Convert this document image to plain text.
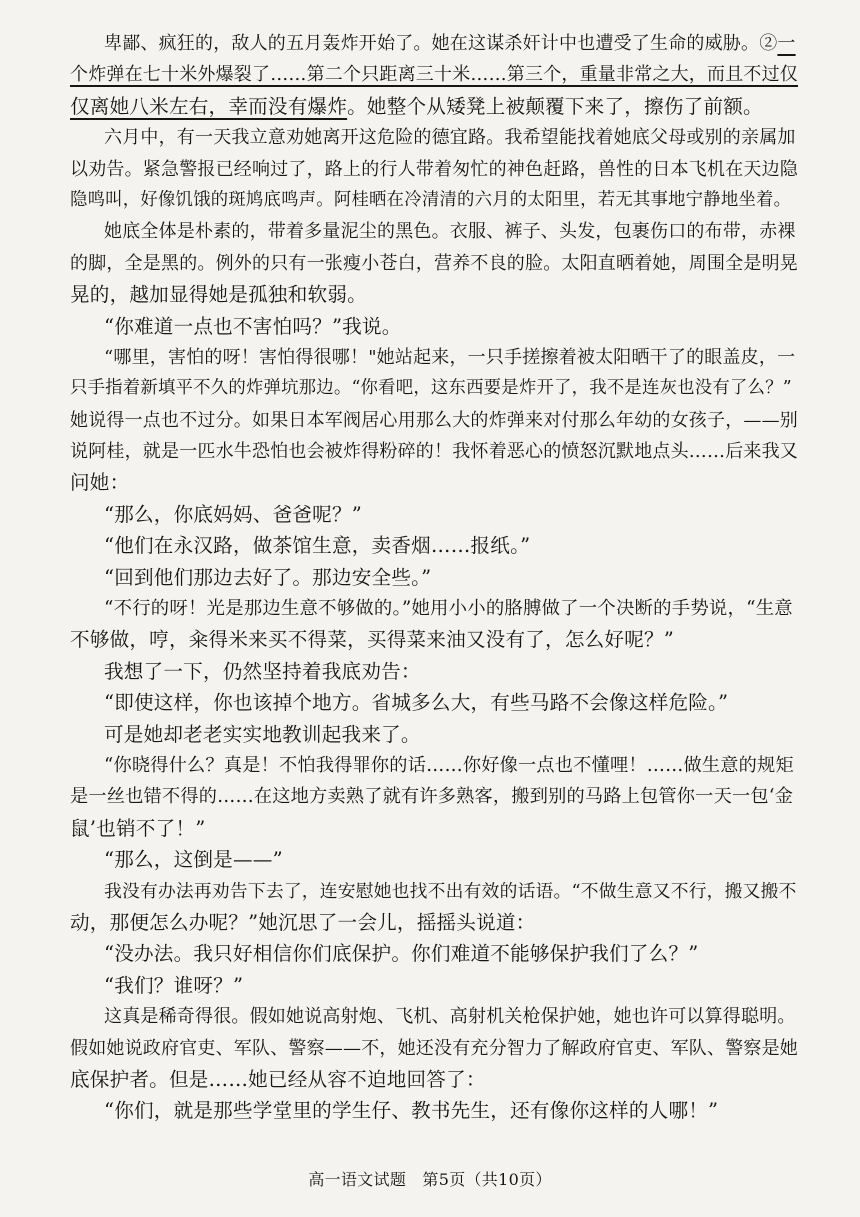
卑鄙、疯狂的，敌人的五月轰炸开始了。她在这谋杀奸计中也遭受了生命的威胁。②一
个炸弹在七十米外爆裂了……第二个只距离三十米……第三个，重量非常之大，而且不过仅
仅离她八米左右，幸而没有爆炸。她整个从矮凳上被颠覆下来了，擦伤了前额。
六月中，有一天我立意劝她离开这危险的德宜路。我希望能找着她底父母或别的亲属加
以劝告。紧急警报已经响过了，路上的行人带着匆忙的神色赶路，兽性的日本飞机在天边隐
隐鸣叫，好像饥饿的斑鸠底鸣声。阿桂晒在冷清清的六月的太阳里，若无其事地宁静地坐着。
她底全体是朴素的，带着多量泥尘的黑色。衣服、裤子、头发，包裹伤口的布带，赤裸
的脚，全是黑的。例外的只有一张瘦小苍白，营养不良的脸。太阳直晒着她，周围全是明晃
晃的，越加显得她是孤独和软弱。
“你难道一点也不害怕吗？”我说。
“哪里，害怕的呀！害怕得很哪！"她站起来，一只手搓擦着被太阳晒干了的眼盖皮，一
只手指着新填平不久的炸弹坑那边。“你看吧，这东西要是炸开了，我不是连灰也没有了么？”
她说得一点也不过分。如果日本军阀居心用那么大的炸弹来对付那么年幼的女孩子，——别
说阿桂，就是一匹水牛恐怕也会被炸得粉碎的！我怀着恶心的愤怒沉默地点头……后来我又
问她：
“那么，你底妈妈、爸爸呢？”
“他们在永汉路，做茶馆生意，卖香烟……报纸。”
“回到他们那边去好了。那边安全些。”
“不行的呀！光是那边生意不够做的。”她用小小的胳膊做了一个决断的手势说，“生意
不够做，哼，籴得米来买不得菜，买得菜来油又没有了，怎么好呢？”
我想了一下，仍然坚持着我底劝告：
“即使这样，你也该掉个地方。省城多么大，有些马路不会像这样危险。”
可是她却老老实实地教训起我来了。
“你晓得什么？真是！不怕我得罪你的话……你好像一点也不懂哩！……做生意的规矩
是一丝也错不得的……在这地方卖熟了就有许多熟客，搬到别的马路上包管你一天一包‘金
鼠’也销不了！”
“那么，这倒是——”
我没有办法再劝告下去了，连安慰她也找不出有效的话语。“不做生意又不行，搬又搬不
动，那便怎么办呢？”她沉思了一会儿，摇摇头说道：
“没办法。我只好相信你们底保护。你们难道不能够保护我们了么？”
“我们？谁呀？”
这真是稀奇得很。假如她说高射炮、飞机、高射机关枪保护她，她也许可以算得聪明。
假如她说政府官吏、军队、警察——不，她还没有充分智力了解政府官吏、军队、警察是她
底保护者。但是……她已经从容不迫地回答了：
“你们，就是那些学堂里的学生仔、教书先生，还有像你这样的人哪！”
高一语文试题　第5页（共10页）
